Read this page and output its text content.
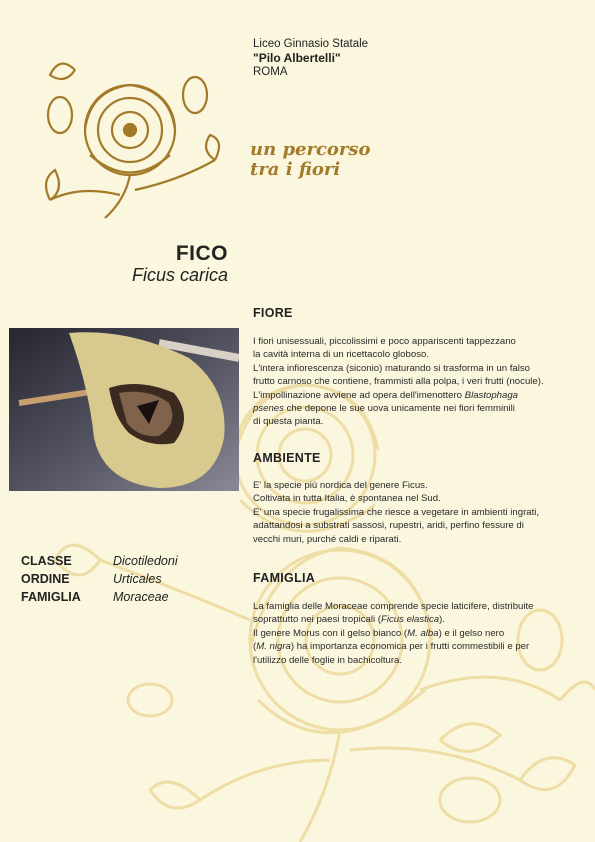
Liceo Ginnasio Statale
"Pilo Albertelli"
ROMA
un percorso
tra i fiori
FICO
Ficus carica
FIORE

I fiori unisessuali, piccolissimi e poco appariscenti tappezzano

la cavità interna di un ricettacolo globoso.

L'intera infiorescenza (siconio) maturando si trasforma in un falso

frutto carnoso che contiene, frammisti alla polpa, i veri frutti (nocule).

L'impollinazione avviene ad opera dell'imenottero Blastophaga

psenes che depone le sue uova unicamente nei fiori femminili

di questa pianta.

AMBIENTE

E' la specie più nordica del genere Ficus.

Coltivata in tutta Italia, è spontanea nel Sud.

E' una specie frugalissima che riesce a vegetare in ambienti ingrati,

adattandosi a substrati sassosi, rupestri, aridi, perfino fessure di

vecchi muri, purché caldi e riparati.

CLASSE	Dicotiledoni
ORDINE	Urticales
FAMIGLIA	Moraceae
FAMIGLIA

La famiglia delle Moraceae comprende specie laticifere, distribuite

soprattutto nei paesi tropicali (Ficus elastica).

Il genere Morus con il gelso bianco (M. alba) e il gelso nero

(M. nigra) ha importanza economica per i frutti commestibili e per

l'utilizzo delle foglie in bachicoltura.
